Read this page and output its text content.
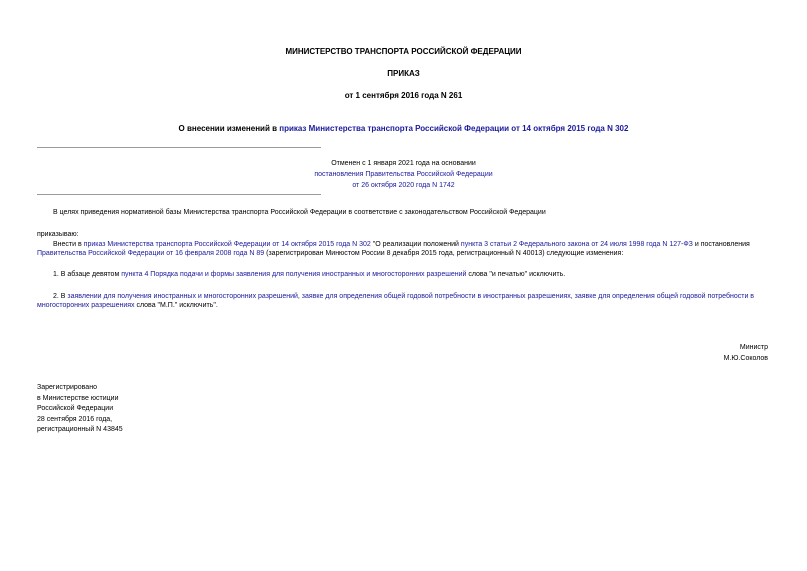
МИНИСТЕРСТВО ТРАНСПОРТА РОССИЙСКОЙ ФЕДЕРАЦИИ
ПРИКАЗ
от 1 сентября 2016 года N 261
О внесении изменений в приказ Министерства транспорта Российской Федерации от 14 октября 2015 года N 302
Отменен с 1 января 2021 года на основании
постановления Правительства Российской Федерации
от 26 октября 2020 года N 1742

В целях приведения нормативной базы Министерства транспорта Российской Федерации в соответствие с законодательством Российской Федерации

приказываю:

Внести в приказ Министерства транспорта Российской Федерации от 14 октября 2015 года N 302 "О реализации положений пункта 3 статьи 2 Федерального закона от 24 июля 1998 года N 127-ФЗ и постановления Правительства Российской Федерации от 16 февраля 2008 года N 89 (зарегистрирован Минюстом России 8 декабря 2015 года, регистрационный N 40013) следующие изменения:

1. В абзаце девятом пункта 4 Порядка подачи и формы заявления для получения иностранных и многосторонних разрешений слова "и печатью" исключить.

2. В заявлении для получения иностранных и многосторонних разрешений, заявке для определения общей годовой потребности в иностранных разрешениях, заявке для определения общей годовой потребности в многосторонних разрешениях слова "М.П." исключить".

Министр
М.Ю.Соколов
Зарегистрировано
в Министерстве юстиции
Российской Федерации
28 сентября 2016 года,
регистрационный N 43845
